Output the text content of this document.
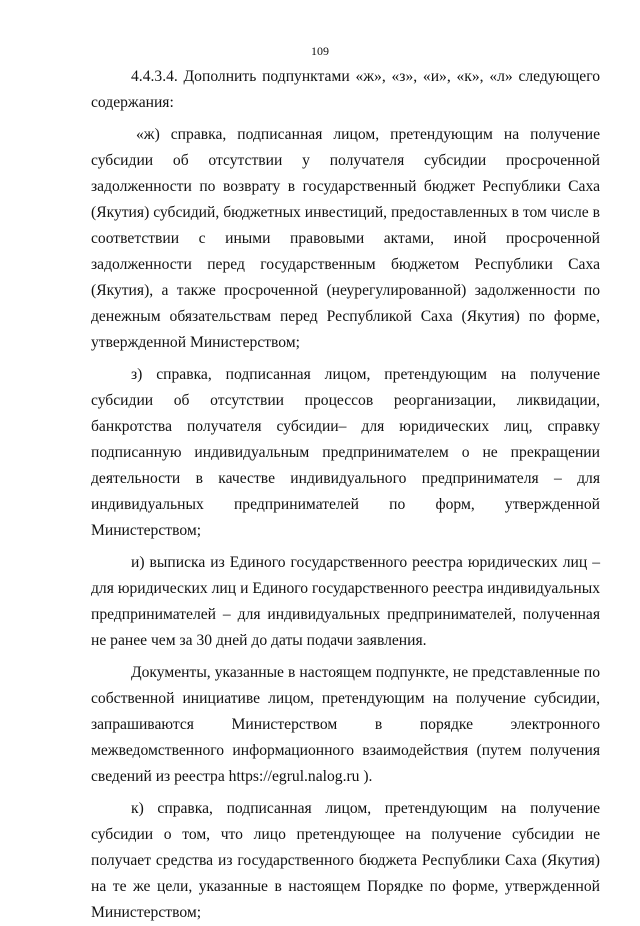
109

4.4.3.4. Дополнить подпунктами «ж», «з», «и», «к», «л» следующего содержания:

«ж) справка, подписанная лицом, претендующим на получение субсидии об отсутствии у получателя субсидии просроченной задолженности по возврату в государственный бюджет Республики Саха (Якутия) субсидий, бюджетных инвестиций, предоставленных в том числе в соответствии с иными правовыми актами, иной просроченной задолженности перед государственным бюджетом Республики Саха (Якутия), а также просроченной (неурегулированной) задолженности по денежным обязательствам перед Республикой Саха (Якутия) по форме, утвержденной Министерством;

з) справка, подписанная лицом, претендующим на получение субсидии об отсутствии процессов реорганизации, ликвидации, банкротства получателя субсидии– для юридических лиц, справку подписанную индивидуальным предпринимателем о не прекращении деятельности в качестве индивидуального предпринимателя – для индивидуальных предпринимателей по форм, утвержденной Министерством;

и) выписка из Единого государственного реестра юридических лиц – для юридических лиц и Единого государственного реестра индивидуальных предпринимателей – для индивидуальных предпринимателей, полученная не ранее чем за 30 дней до даты подачи заявления.

Документы, указанные в настоящем подпункте, не представленные по собственной инициативе лицом, претендующим на получение субсидии, запрашиваются Министерством в порядке электронного межведомственного информационного взаимодействия (путем получения сведений из реестра https://egrul.nalog.ru ).

к) справка, подписанная лицом, претендующим на получение субсидии о том, что лицо претендующее на получение субсидии не получает средства из государственного бюджета Республики Саха (Якутия) на те же цели, указанные в настоящем Порядке по форме, утвержденной Министерством;
